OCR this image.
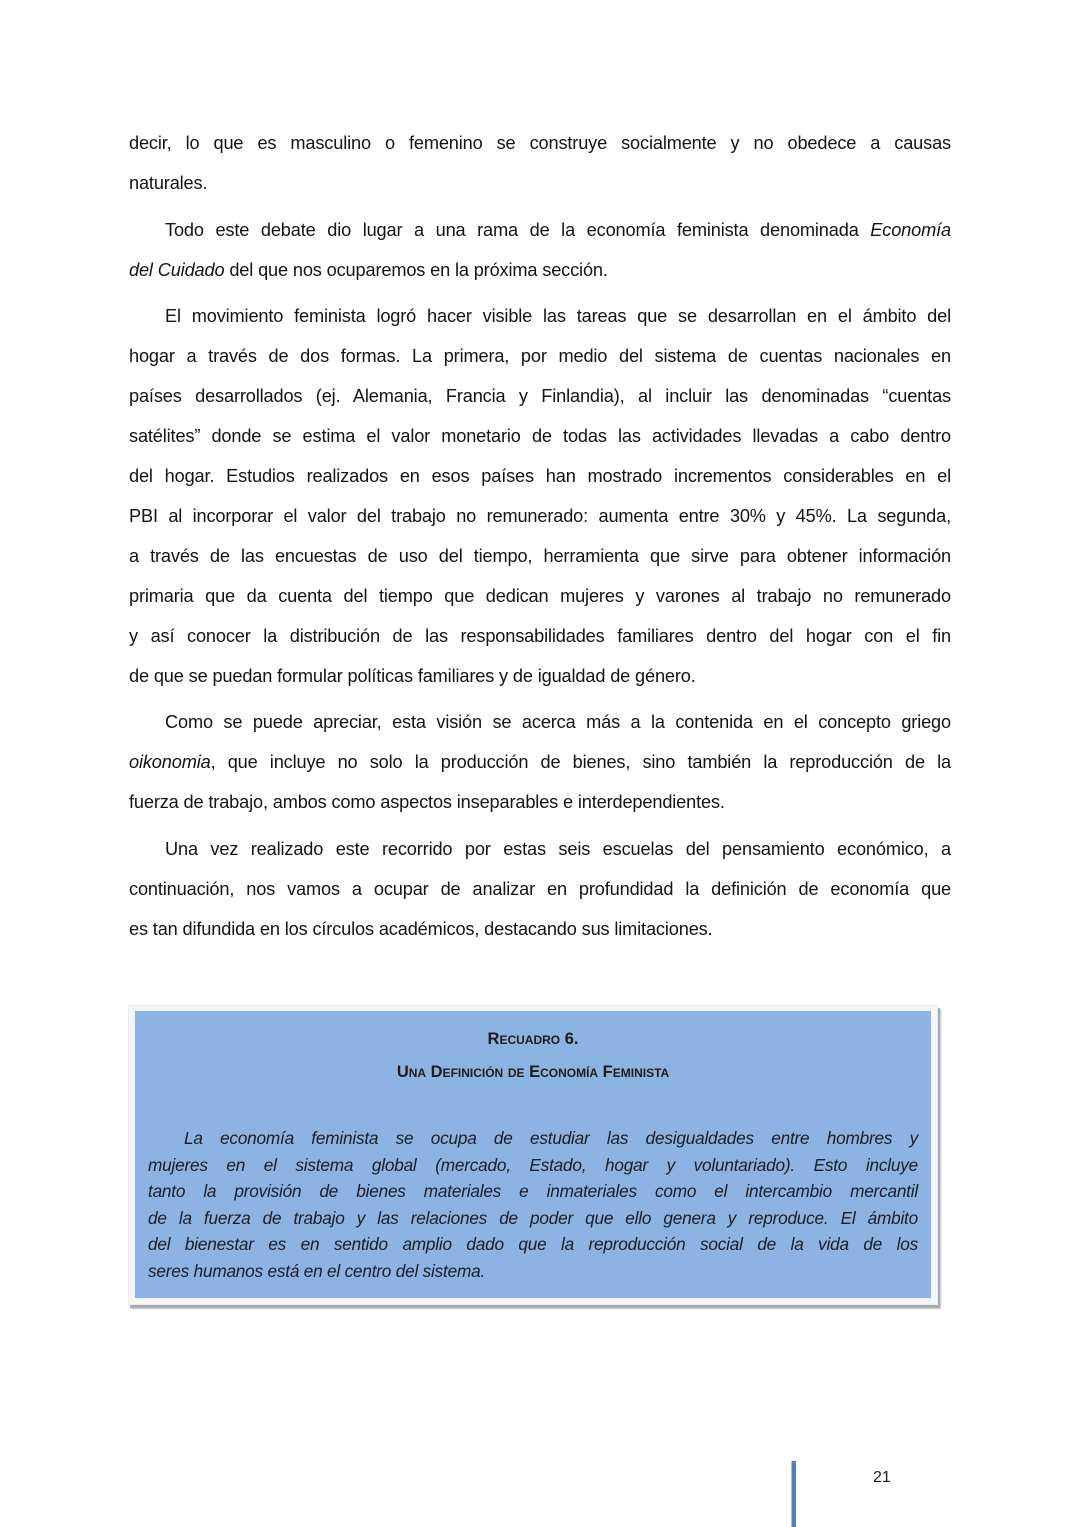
decir, lo que es masculino o femenino se construye socialmente y no obedece a causas
naturales.
Todo este debate dio lugar a una rama de la economía feminista denominada Economía
del Cuidado del que nos ocuparemos en la próxima sección.
El movimiento feminista logró hacer visible las tareas que se desarrollan en el ámbito del
hogar a través de dos formas. La primera, por medio del sistema de cuentas nacionales en
países desarrollados (ej. Alemania, Francia y Finlandia), al incluir las denominadas “cuentas
satélites” donde se estima el valor monetario de todas las actividades llevadas a cabo dentro
del hogar. Estudios realizados en esos países han mostrado incrementos considerables en el
PBI al incorporar el valor del trabajo no remunerado: aumenta entre 30% y 45%. La segunda,
a través de las encuestas de uso del tiempo, herramienta que sirve para obtener información
primaria que da cuenta del tiempo que dedican mujeres y varones al trabajo no remunerado
y así conocer la distribución de las responsabilidades familiares dentro del hogar con el fin
de que se puedan formular políticas familiares y de igualdad de género.
Como se puede apreciar, esta visión se acerca más a la contenida en el concepto griego
oikonomia, que incluye no solo la producción de bienes, sino también la reproducción de la
fuerza de trabajo, ambos como aspectos inseparables e interdependientes.
Una vez realizado este recorrido por estas seis escuelas del pensamiento económico, a
continuación, nos vamos a ocupar de analizar en profundidad la definición de economía que
es tan difundida en los círculos académicos, destacando sus limitaciones.
Recuadro 6.
Una Definición de Economía Feminista
La economía feminista se ocupa de estudiar las desigualdades entre hombres y
mujeres en el sistema global (mercado, Estado, hogar y voluntariado). Esto incluye
tanto la provisión de bienes materiales e inmateriales como el intercambio mercantil
de la fuerza de trabajo y las relaciones de poder que ello genera y reproduce. El ámbito
del bienestar es en sentido amplio dado que la reproducción social de la vida de los
seres humanos está en el centro del sistema.
21
